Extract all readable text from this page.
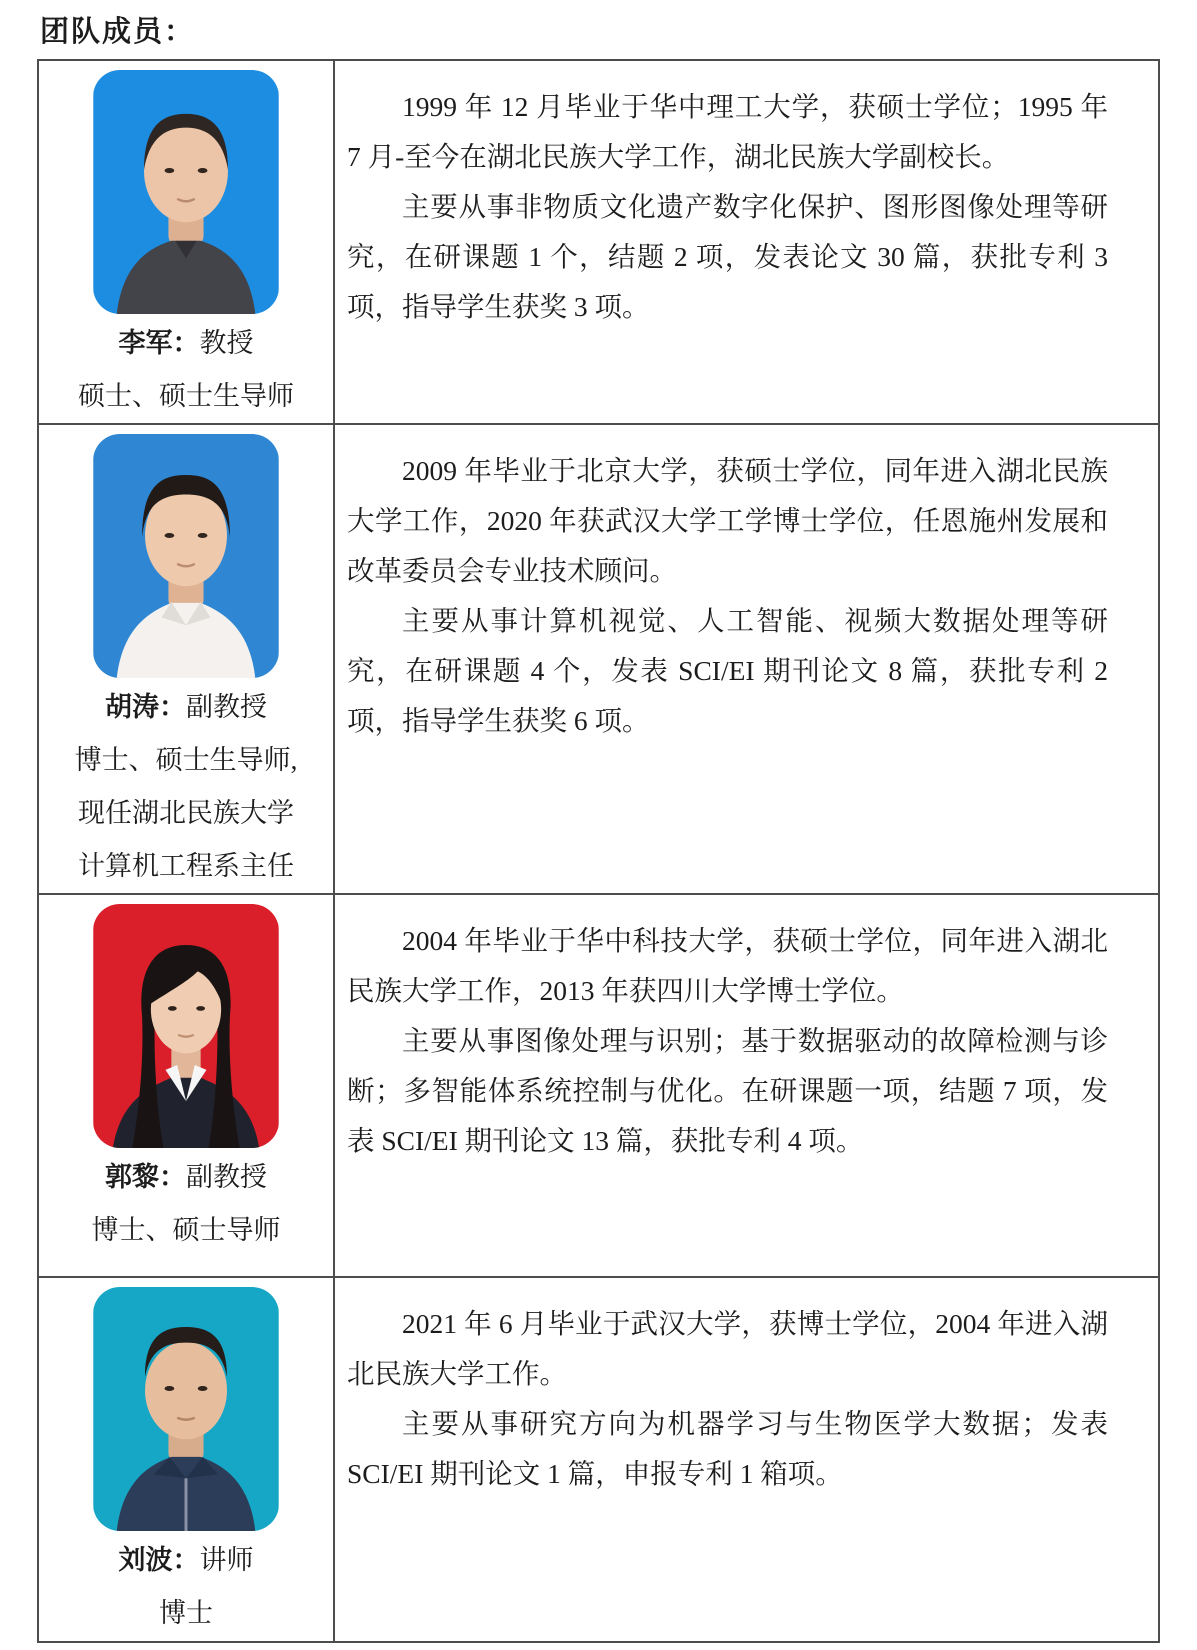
团队成员：
李军：教授
硕士、硕士生导师

1999 年 12 月毕业于华中理工大学，获硕士学位；1995 年 7 月-至今在湖北民族大学工作，湖北民族大学副校长。

主要从事非物质文化遗产数字化保护、图形图像处理等研究，在研课题 1 个，结题 2 项，发表论文 30 篇，获批专利 3 项，指导学生获奖 3 项。

胡涛：副教授
博士、硕士生导师,
现任湖北民族大学
计算机工程系主任

2009 年毕业于北京大学，获硕士学位，同年进入湖北民族大学工作，2020 年获武汉大学工学博士学位，任恩施州发展和改革委员会专业技术顾问。

主要从事计算机视觉、人工智能、视频大数据处理等研究，在研课题 4 个，发表 SCI/EI 期刊论文 8 篇，获批专利 2 项，指导学生获奖 6 项。

郭黎：副教授
博士、硕士导师

2004 年毕业于华中科技大学，获硕士学位，同年进入湖北民族大学工作，2013 年获四川大学博士学位。

主要从事图像处理与识别；基于数据驱动的故障检测与诊断；多智能体系统控制与优化。在研课题一项，结题 7 项，发表 SCI/EI 期刊论文 13 篇，获批专利 4 项。

刘波：讲师
博士

2021 年 6 月毕业于武汉大学，获博士学位，2004 年进入湖北民族大学工作。

主要从事研究方向为机器学习与生物医学大数据；发表 SCI/EI 期刊论文 1 篇，申报专利 1 箱项。
